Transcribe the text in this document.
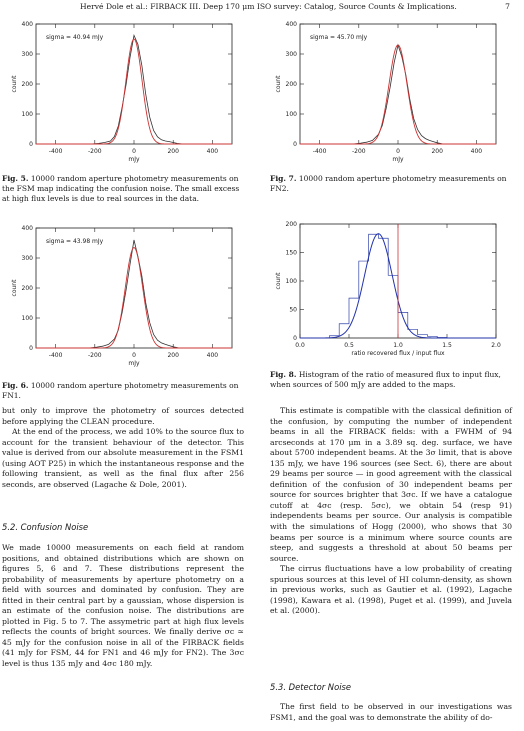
Hervé Dole et al.: FIRBACK III. Deep 170 μm ISO survey: Catalog, Source Counts & Implications.	7
-400	-200	0	200	400
0
100
200
300
400
mJy
count
sigma = 40.94 mJy
Fig. 5. 10000 random aperture photometry measurements on the FSM map indicating the confusion noise. The small excess at high flux levels is due to real sources in the data.
-400	-200	0	200	400
0
100
200
300
400
mJy
count
sigma = 43.98 mJy
Fig. 6. 10000 random aperture photometry measurements on FN1.
-400	-200	0	200	400
0
100
200
300
400
mJy
count
sigma = 45.70 mJy
Fig. 7. 10000 random aperture photometry measurements on FN2.
0.0	0.5	1.0	1.5	2.0
0
50
100
150
200
ratio recovered flux / input flux
count
Fig. 8. Histogram of the ratio of measured flux to input flux, when sources of 500 mJy are added to the maps.

but only to improve the photometry of sources detected before applying the CLEAN procedure.

At the end of the process, we add 10% to the source flux to account for the transient behaviour of the detector. This value is derived from our absolute measurement in the FSM1 (using AOT P25) in which the instantaneous response and the following transient, as well as the final flux after 256 seconds, are observed (Lagache & Dole, 2001).

5.2. Confusion Noise

We made 10000 measurements on each field at random positions, and obtained distributions which are shown on figures 5, 6 and 7. These distributions represent the probability of measurements by aperture photometry on a field with sources and dominated by confusion. They are fitted in their central part by a gaussian, whose dispersion is an estimate of the confusion noise. The distributions are plotted in Fig. 5 to 7. The assymetric part at high flux levels reflects the counts of bright sources. We finally derive σc ≃ 45 mJy for the confusion noise in all of the FIRBACK fields (41 mJy for FSM, 44 for FN1 and 46 mJy for FN2). The 3σc level is thus 135 mJy and 4σc 180 mJy.

This estimate is compatible with the classical definition of the confusion, by computing the number of independent beams in all the FIRBACK fields: with a FWHM of 94 arcseconds at 170 μm in a 3.89 sq. deg. surface, we have about 5700 independent beams. At the 3σ limit, that is above 135 mJy, we have 196 sources (see Sect. 6), there are about 29 beams per source — in good agreement with the classical definition of the confusion of 30 independent beams per source for sources brighter that 3σc. If we have a catalogue cutoff at 4σc (resp. 5σc), we obtain 54 (resp 91) independents beams per source. Our analysis is compatible with the simulations of Hogg (2000), who shows that 30 beams per source is a minimum where source counts are steep, and suggests a threshold at about 50 beams per source.

The cirrus fluctuations have a low probability of creating spurious sources at this level of HI column-density, as shown in previous works, such as Gautier et al. (1992), Lagache (1998), Kawara et al. (1998), Puget et al. (1999), and Juvela et al. (2000).

5.3. Detector Noise

The first field to be observed in our investigations was FSM1, and the goal was to demonstrate the ability of do-
